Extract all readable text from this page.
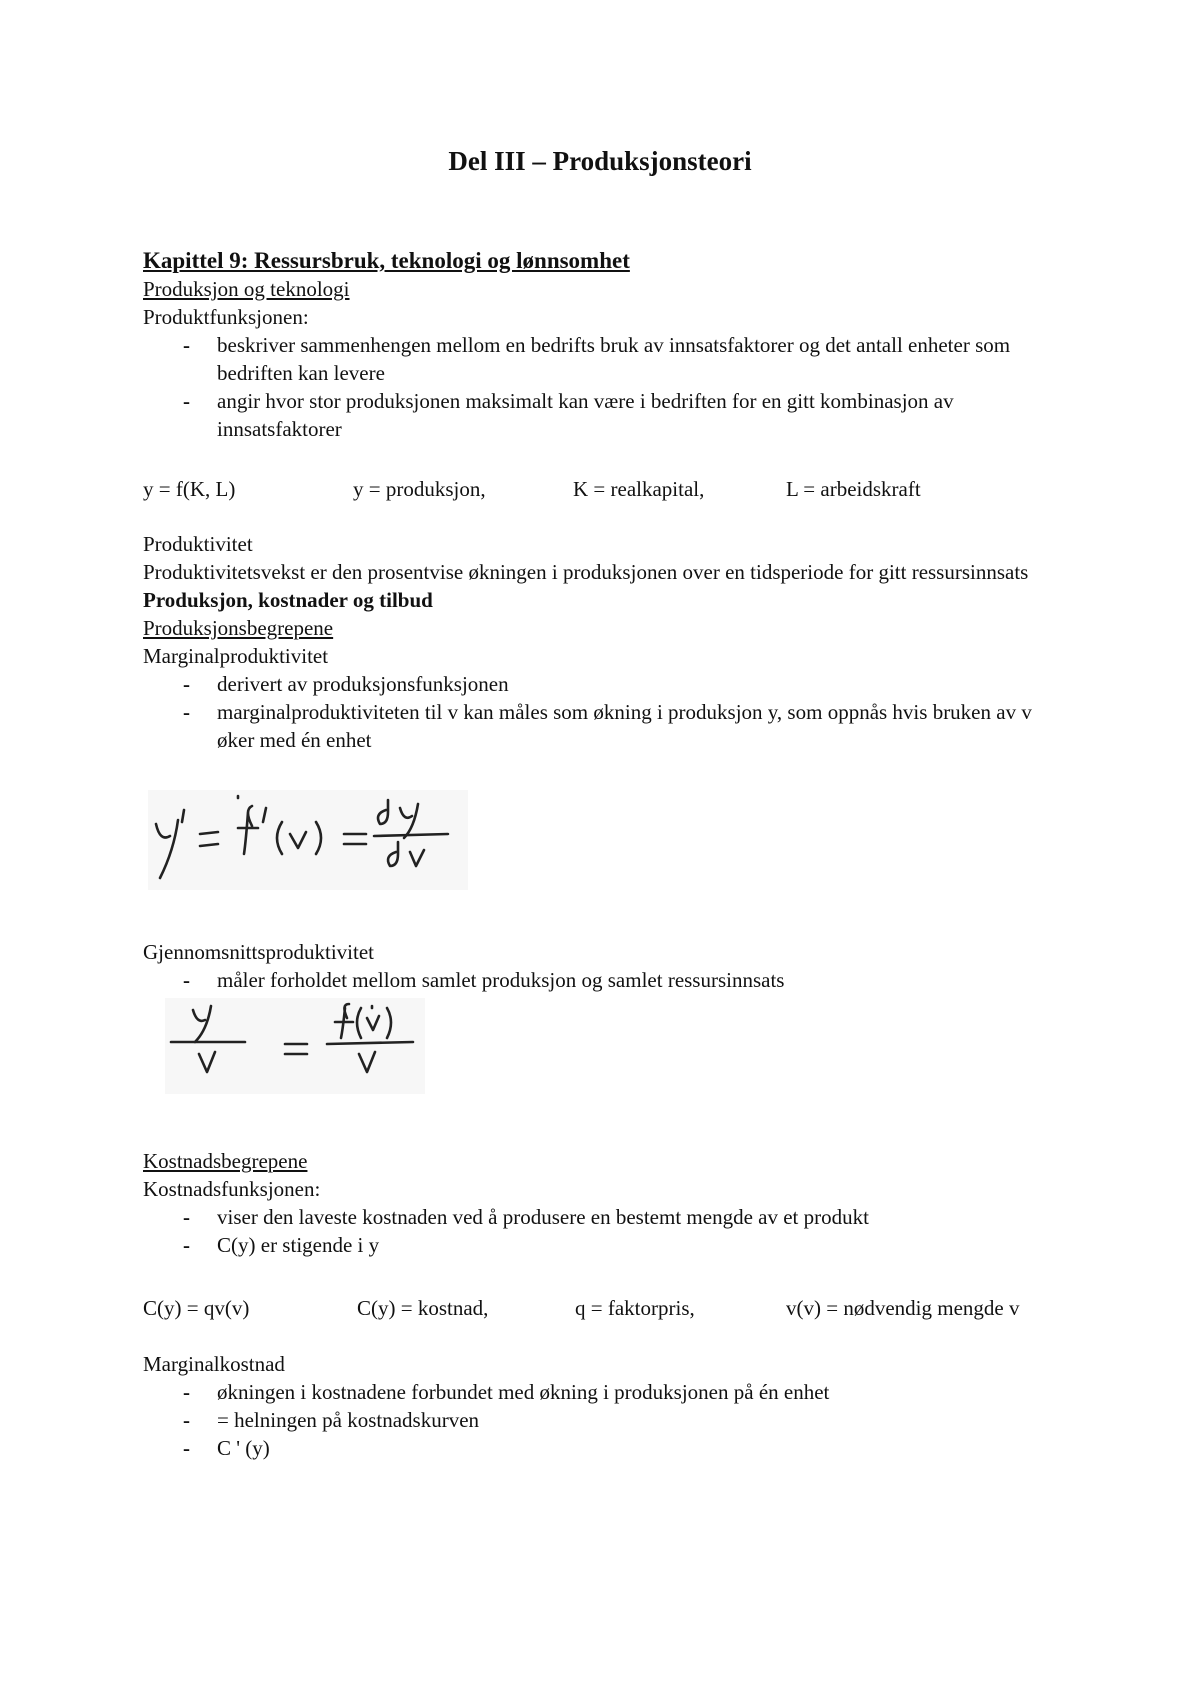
Del III – Produksjonsteori
Kapittel 9: Ressursbruk, teknologi og lønnsomhet
Produksjon og teknologi
Produktfunksjonen:
- beskriver sammenhengen mellom en bedrifts bruk av innsatsfaktorer og det antall enheter som bedriften kan levere
- angir hvor stor produksjonen maksimalt kan være i bedriften for en gitt kombinasjon av innsatsfaktorer
y = f(K, L)	y = produksjon,	K = realkapital,	L = arbeidskraft
Produktivitet
Produktivitetsvekst er den prosentvise økningen i produksjonen over en tidsperiode for gitt ressursinnsats
Produksjon, kostnader og tilbud
Produksjonsbegrepene
Marginalproduktivitet
- derivert av produksjonsfunksjonen
- marginalproduktiviteten til v kan måles som økning i produksjon y, som oppnås hvis bruken av v øker med én enhet
Gjennomsnittsproduktivitet
- måler forholdet mellom samlet produksjon og samlet ressursinnsats
Kostnadsbegrepene
Kostnadsfunksjonen:
- viser den laveste kostnaden ved å produsere en bestemt mengde av et produkt
- C(y) er stigende i y
C(y) = qv(v)	C(y) = kostnad,	q = faktorpris,	v(v) = nødvendig mengde v
Marginalkostnad
- økningen i kostnadene forbundet med økning i produksjonen på én enhet
- = helningen på kostnadskurven
- C ' (y)
